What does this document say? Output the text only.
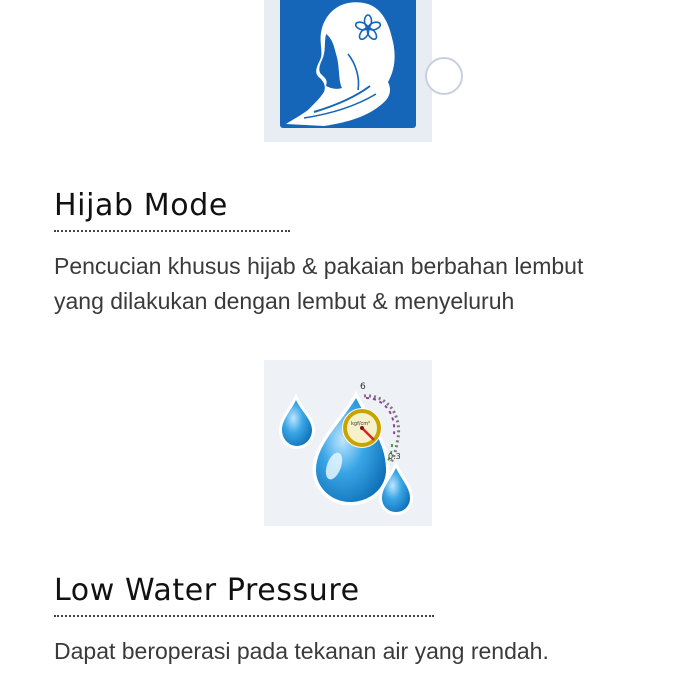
Hijab Mode

Pencucian khusus hijab & pakaian berbahan lembut
yang dilakukan dengan lembut & menyeluruh

6
kgf/cm²
0.3
Low Water Pressure

Dapat beroperasi pada tekanan air yang rendah.
